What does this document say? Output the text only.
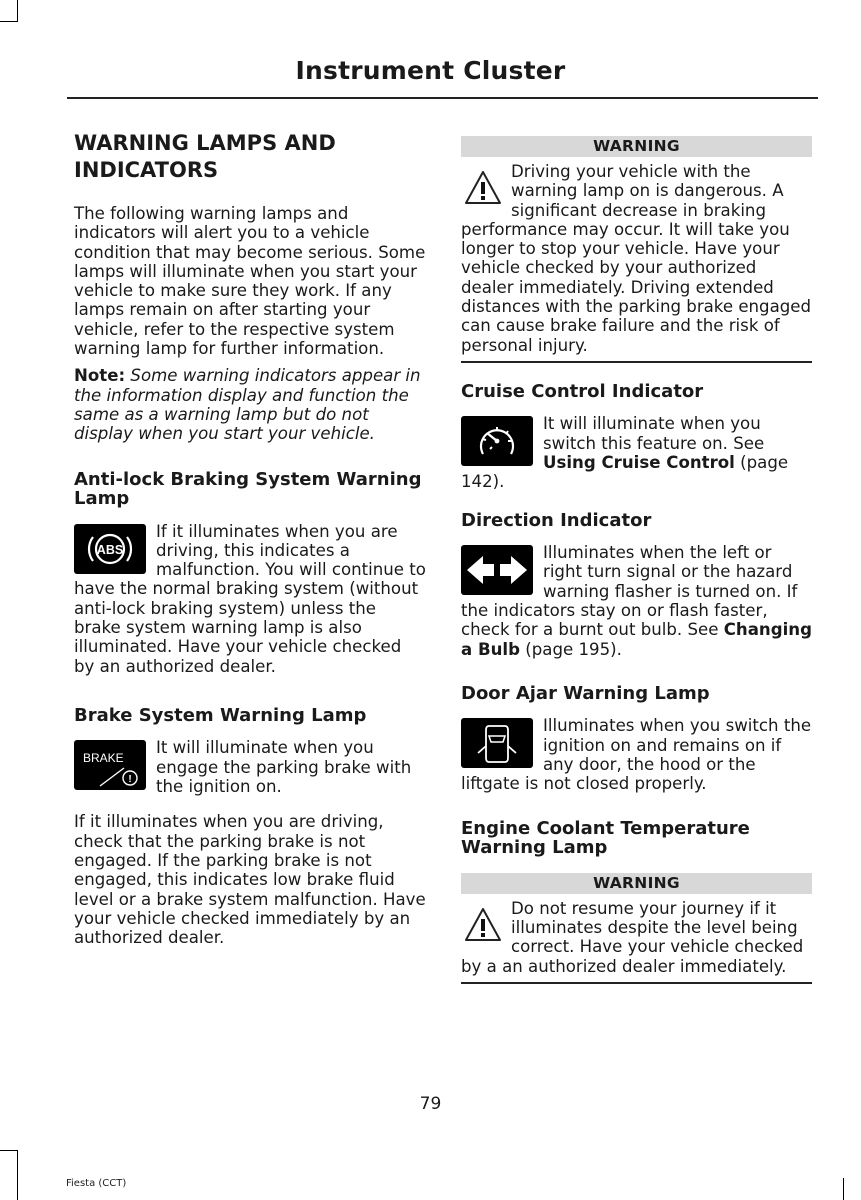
Instrument Cluster
WARNING LAMPS AND INDICATORS

The following warning lamps and indicators will alert you to a vehicle condition that may become serious. Some lamps will illuminate when you start your vehicle to make sure they work. If any lamps remain on after starting your vehicle, refer to the respective system warning lamp for further information.

Note: Some warning indicators appear in the information display and function the same as a warning lamp but do not display when you start your vehicle.

Anti-lock Braking System Warning Lamp
ABS

If it illuminates when you are driving, this indicates a malfunction. You will continue to have the normal braking system (without anti-lock braking system) unless the brake system warning lamp is also illuminated. Have your vehicle checked by an authorized dealer.

Brake System Warning Lamp
BRAKE
!

It will illuminate when you engage the parking brake with the ignition on.

If it illuminates when you are driving, check that the parking brake is not engaged. If the parking brake is not engaged, this indicates low brake fluid level or a brake system malfunction. Have your vehicle checked immediately by an authorized dealer.

WARNING

Driving your vehicle with the warning lamp on is dangerous. A significant decrease in braking performance may occur. It will take you longer to stop your vehicle. Have your vehicle checked by your authorized dealer immediately. Driving extended distances with the parking brake engaged can cause brake failure and the risk of personal injury.

Cruise Control Indicator

It will illuminate when you switch this feature on. See Using Cruise Control (page 142).

Direction Indicator

Illuminates when the left or right turn signal or the hazard warning flasher is turned on. If the indicators stay on or flash faster, check for a burnt out bulb. See Changing a Bulb (page 195).

Door Ajar Warning Lamp

Illuminates when you switch the ignition on and remains on if any door, the hood or the liftgate is not closed properly.

Engine Coolant Temperature Warning Lamp
WARNING

Do not resume your journey if it illuminates despite the level being correct. Have your vehicle checked by a an authorized dealer immediately.

79
Fiesta (CCT)
